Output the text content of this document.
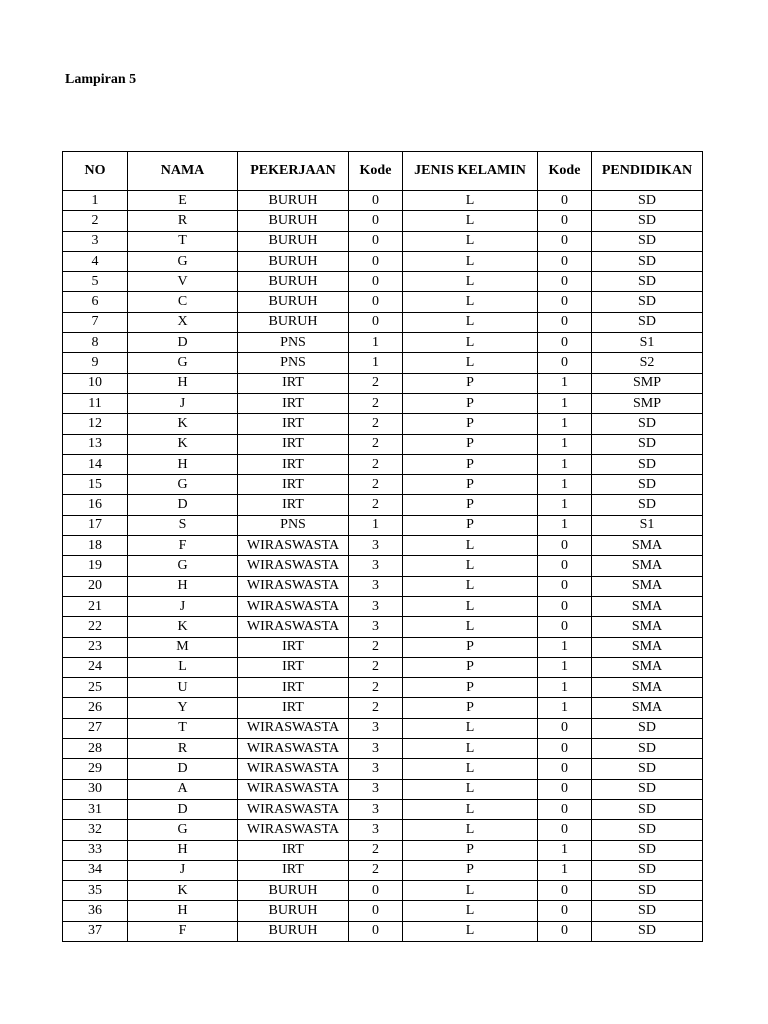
Lampiran 5
NO	NAMA	PEKERJAAN	Kode	JENIS KELAMIN	Kode	PENDIDIKAN
1	E	BURUH	0	L	0	SD
2	R	BURUH	0	L	0	SD
3	T	BURUH	0	L	0	SD
4	G	BURUH	0	L	0	SD
5	V	BURUH	0	L	0	SD
6	C	BURUH	0	L	0	SD
7	X	BURUH	0	L	0	SD
8	D	PNS	1	L	0	S1
9	G	PNS	1	L	0	S2
10	H	IRT	2	P	1	SMP
11	J	IRT	2	P	1	SMP
12	K	IRT	2	P	1	SD
13	K	IRT	2	P	1	SD
14	H	IRT	2	P	1	SD
15	G	IRT	2	P	1	SD
16	D	IRT	2	P	1	SD
17	S	PNS	1	P	1	S1
18	F	WIRASWASTA	3	L	0	SMA
19	G	WIRASWASTA	3	L	0	SMA
20	H	WIRASWASTA	3	L	0	SMA
21	J	WIRASWASTA	3	L	0	SMA
22	K	WIRASWASTA	3	L	0	SMA
23	M	IRT	2	P	1	SMA
24	L	IRT	2	P	1	SMA
25	U	IRT	2	P	1	SMA
26	Y	IRT	2	P	1	SMA
27	T	WIRASWASTA	3	L	0	SD
28	R	WIRASWASTA	3	L	0	SD
29	D	WIRASWASTA	3	L	0	SD
30	A	WIRASWASTA	3	L	0	SD
31	D	WIRASWASTA	3	L	0	SD
32	G	WIRASWASTA	3	L	0	SD
33	H	IRT	2	P	1	SD
34	J	IRT	2	P	1	SD
35	K	BURUH	0	L	0	SD
36	H	BURUH	0	L	0	SD
37	F	BURUH	0	L	0	SD
